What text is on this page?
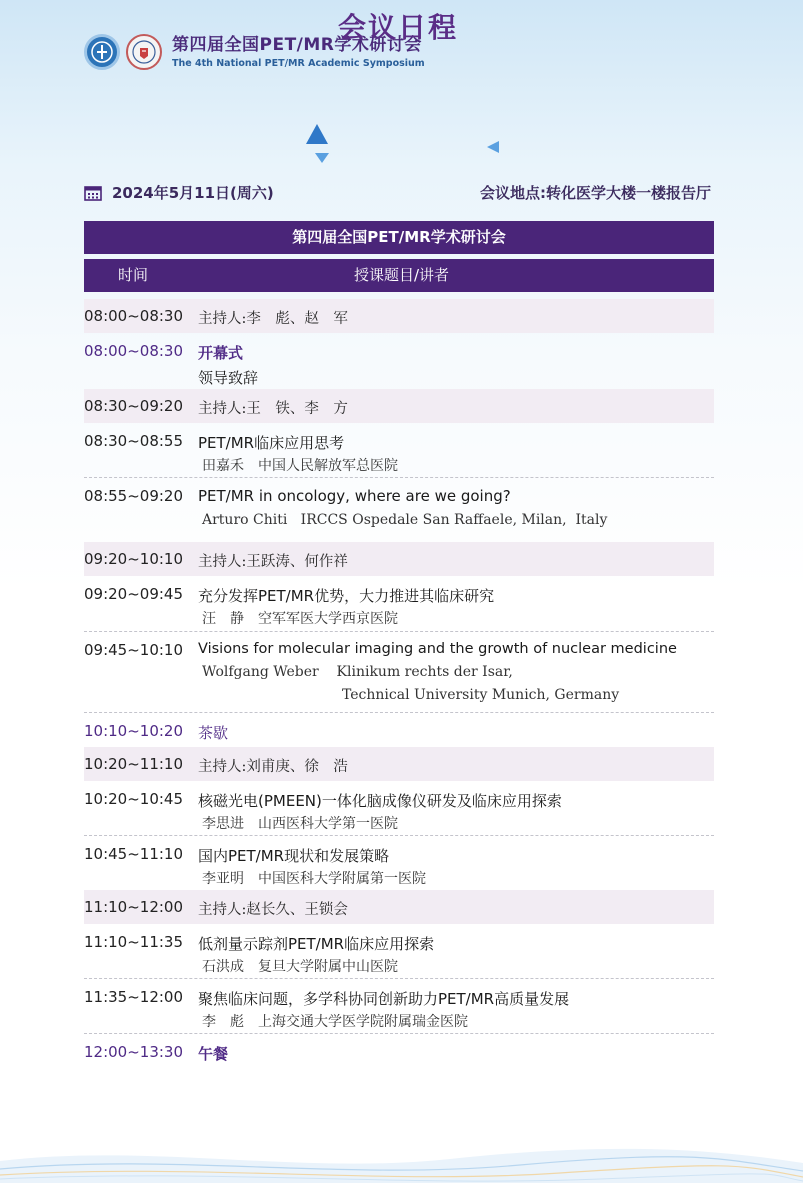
第四届全国PET/MR学术研讨会
The 4th National PET/MR Academic Symposium
会议日程
2024年5月11日(周六)	会议地点:转化医学大楼一楼报告厅
第四届全国PET/MR学术研讨会
时间	授课题目/讲者
08:00~08:30 主持人:李　彪、赵　军
08:00~08:30 开幕式
领导致辞
08:30~09:20 主持人:王　铁、李　方
08:30~08:55 PET/MR临床应用思考
田嘉禾　中国人民解放军总医院
08:55~09:20 PET/MR in oncology, where are we going?
Arturo Chiti   IRCCS Ospedale San Raffaele, Milan,  Italy
09:20~10:10 主持人:王跃涛、何作祥
09:20~09:45 充分发挥PET/MR优势，大力推进其临床研究
汪　静　空军军医大学西京医院
09:45~10:10 Visions for molecular imaging and the growth of nuclear medicine
Wolfgang Weber    Klinikum rechts der Isar,
Technical University Munich, Germany
10:10~10:20 茶歇
10:20~11:10 主持人:刘甫庚、徐　浩
10:20~10:45 核磁光电(PMEEN)一体化脑成像仪研发及临床应用探索
李思进　山西医科大学第一医院
10:45~11:10 国内PET/MR现状和发展策略
李亚明　中国医科大学附属第一医院
11:10~12:00 主持人:赵长久、王锁会
11:10~11:35 低剂量示踪剂PET/MR临床应用探索
石洪成　复旦大学附属中山医院
11:35~12:00 聚焦临床问题，多学科协同创新助力PET/MR高质量发展
李　彪　上海交通大学医学院附属瑞金医院
12:00~13:30 午餐
